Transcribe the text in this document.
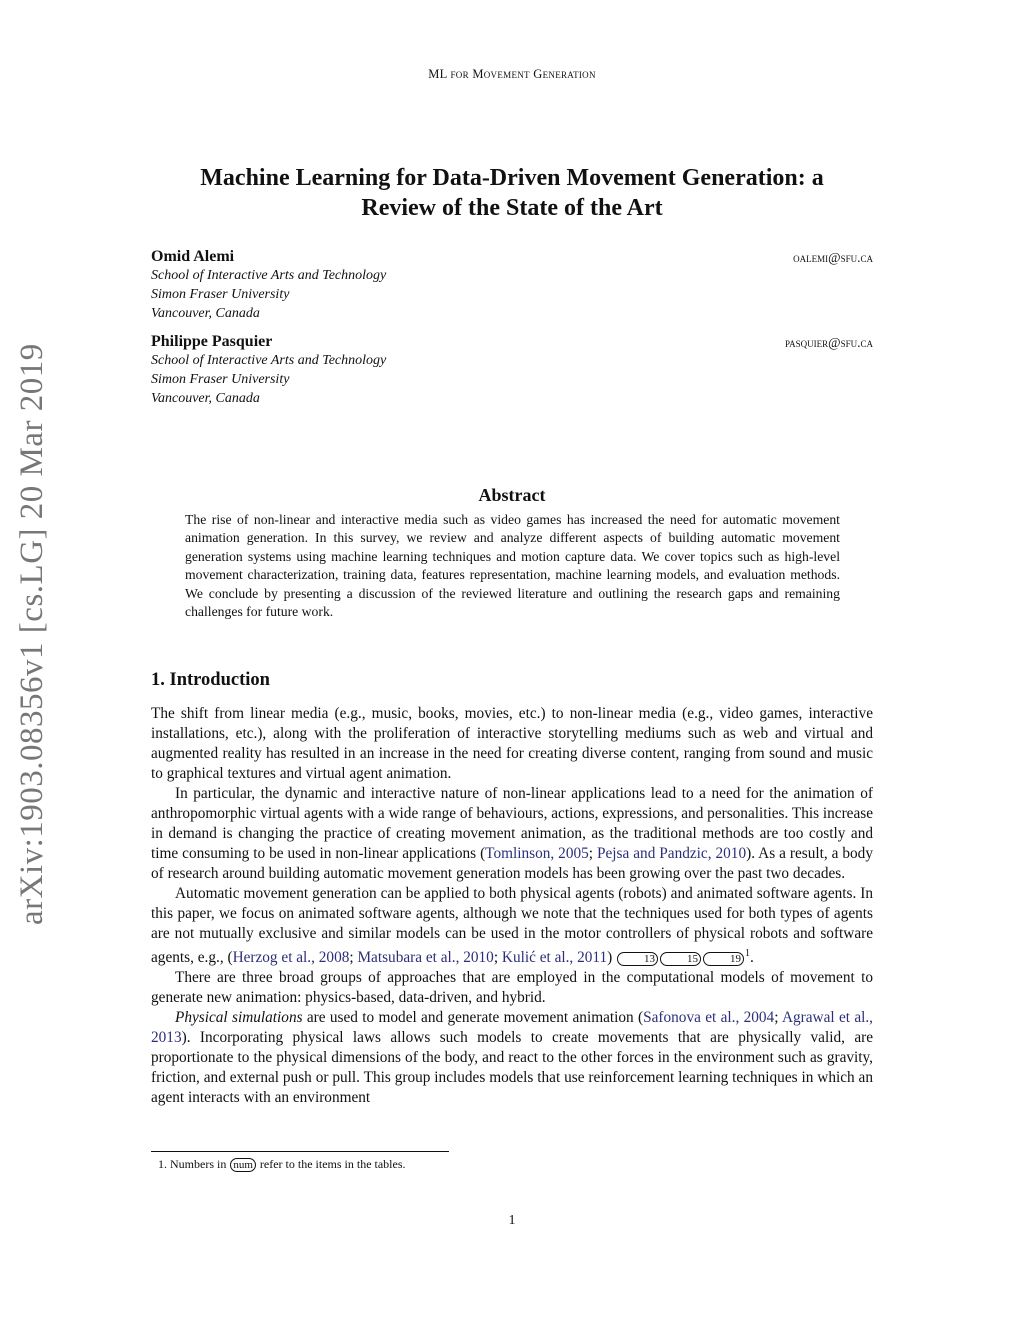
ML for Movement Generation
arXiv:1903.08356v1 [cs.LG] 20 Mar 2019
Machine Learning for Data-Driven Movement Generation: a
Review of the State of the Art
Omid Alemi	oalemi@sfu.ca
School of Interactive Arts and Technology
Simon Fraser University
Vancouver, Canada
Philippe Pasquier	pasquier@sfu.ca
School of Interactive Arts and Technology
Simon Fraser University
Vancouver, Canada
Abstract
The rise of non-linear and interactive media such as video games has increased the need for automatic movement animation generation. In this survey, we review and analyze different aspects of building automatic movement generation systems using machine learning techniques and motion capture data. We cover topics such as high-level movement characterization, training data, features representation, machine learning models, and evaluation methods. We conclude by presenting a discussion of the reviewed literature and outlining the research gaps and remaining challenges for future work.
1. Introduction

The shift from linear media (e.g., music, books, movies, etc.) to non-linear media (e.g., video games, interactive installations, etc.), along with the proliferation of interactive storytelling mediums such as web and virtual and augmented reality has resulted in an increase in the need for creating diverse content, ranging from sound and music to graphical textures and virtual agent animation.

In particular, the dynamic and interactive nature of non-linear applications lead to a need for the animation of anthropomorphic virtual agents with a wide range of behaviours, actions, expressions, and personalities. This increase in demand is changing the practice of creating movement animation, as the traditional methods are too costly and time consuming to be used in non-linear applications (Tomlinson, 2005; Pejsa and Pandzic, 2010). As a result, a body of research around building automatic movement generation models has been growing over the past two decades.

Automatic movement generation can be applied to both physical agents (robots) and animated software agents. In this paper, we focus on animated software agents, although we note that the techniques used for both types of agents are not mutually exclusive and similar models can be used in the motor controllers of physical robots and software agents, e.g., (Herzog et al., 2008; Matsubara et al., 2010; Kulić et al., 2011)	13	15	19 $^1$.

There are three broad groups of approaches that are employed in the computational models of movement to generate new animation: physics-based, data-driven, and hybrid.

Physical simulations are used to model and generate movement animation (Safonova et al., 2004; Agrawal et al., 2013). Incorporating physical laws allows such models to create movements that are physically valid, are proportionate to the physical dimensions of the body, and react to the other forces in the environment such as gravity, friction, and external push or pull. This group includes models that use reinforcement learning techniques in which an agent interacts with an environment

1. Numbers in num refer to the items in the tables.
1
